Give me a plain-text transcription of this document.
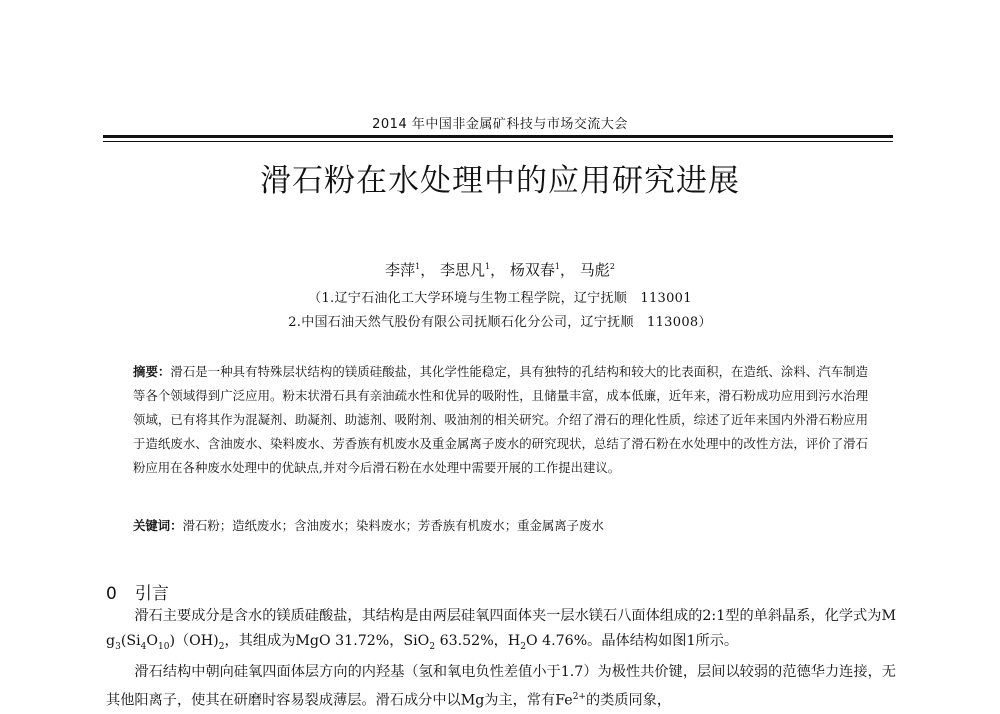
2014 年中国非金属矿科技与市场交流大会
滑石粉在水处理中的应用研究进展
李萍$^1$， 李思凡$^1$， 杨双春$^1$， 马彪$^2$
（1.辽宁石油化工大学环境与生物工程学院，辽宁抚顺　113001
2.中国石油天然气股份有限公司抚顺石化分公司，辽宁抚顺　113008）
摘要：滑石是一种具有特殊层状结构的镁质硅酸盐，其化学性能稳定，具有独特的孔结构和较大的比表面积，在造纸、涂料、汽车制造等各个领域得到广泛应用。粉末状滑石具有亲油疏水性和优异的吸附性，且储量丰富，成本低廉，近年来，滑石粉成功应用到污水治理领域，已有将其作为混凝剂、助凝剂、助滤剂、吸附剂、吸油剂的相关研究。介绍了滑石的理化性质，综述了近年来国内外滑石粉应用于造纸废水、含油废水、染料废水、芳香族有机废水及重金属离子废水的研究现状，总结了滑石粉在水处理中的改性方法，评价了滑石粉应用在各种废水处理中的优缺点,并对今后滑石粉在水处理中需要开展的工作提出建议。
关键词：滑石粉；造纸废水；含油废水；染料废水；芳香族有机废水；重金属离子废水
0 引言

滑石主要成分是含水的镁质硅酸盐，其结构是由两层硅氧四面体夹一层水镁石八面体组成的2:1型的单斜晶系，化学式为$Mg_3(Si_4O_{10})(OH)_2$，其组成为MgO 31.72%，SiO$_2$ 63.52%，$H_2O$ 4.76%。晶体结构如图1所示。

滑石结构中朝向硅氧四面体层方向的内羟基（氢和氧电负性差值小于1.7）为极性共价键，层间以较弱的范德华力连接，无其他阳离子，使其在研磨时容易裂成薄层。滑石成分中以Mg为主，常有$Fe^{2+}$的类质同象，
